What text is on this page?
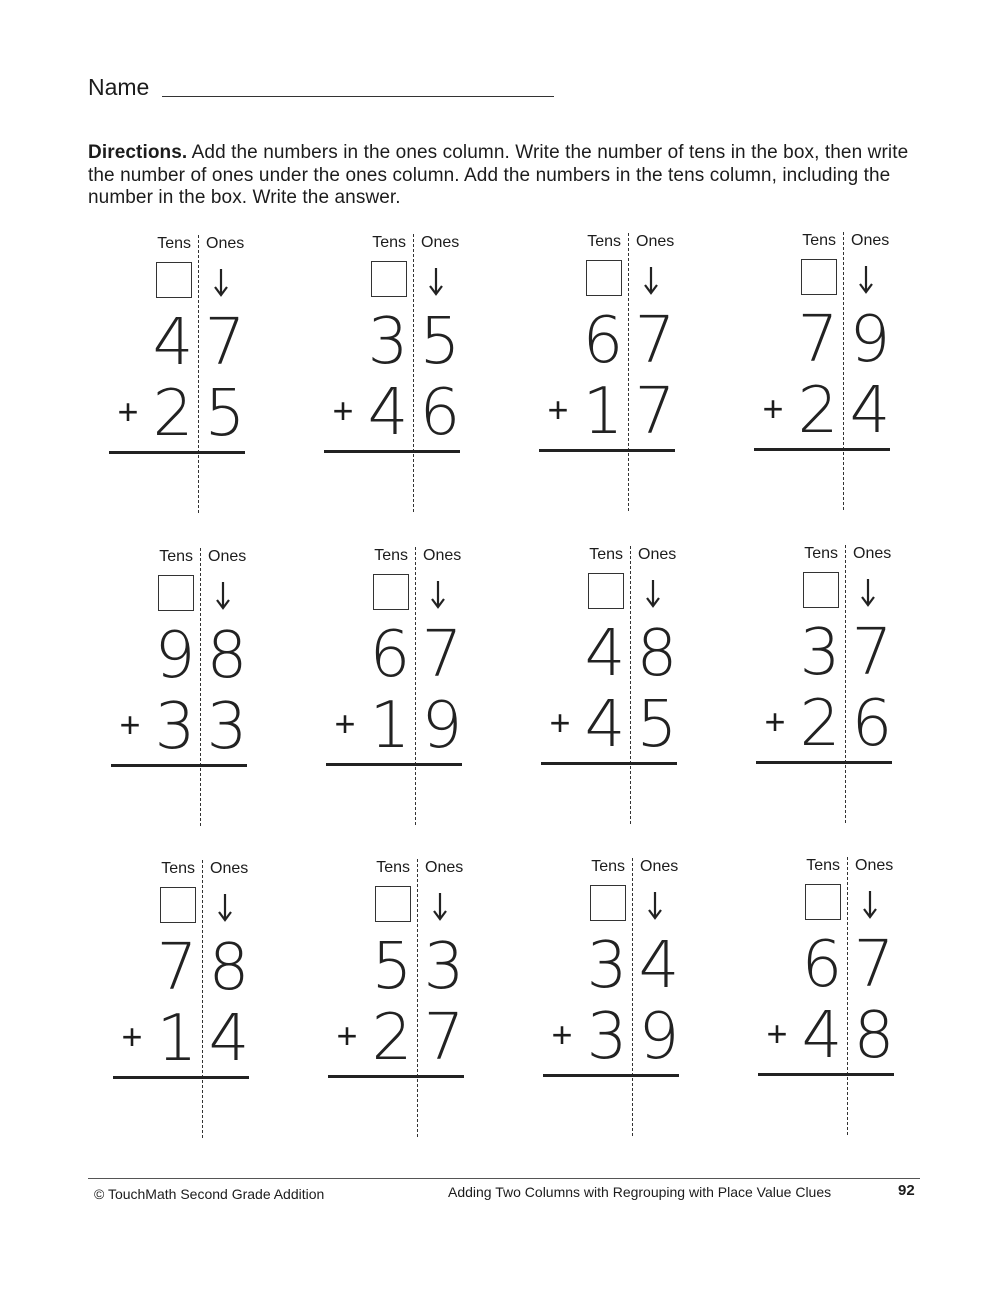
Name
Directions. Add the numbers in the ones column. Write the number of tens in the box, then write the number of ones under the ones column. Add the numbers in the tens column, including the number in the box. Write the answer.
Tens Ones
4 7
+ 2 5
Tens Ones
3 5
+ 4 6
Tens Ones
6 7
+ 1 7
Tens Ones
7 9
+ 2 4
Tens Ones
9 8
+ 3 3
Tens Ones
6 7
+ 1 9
Tens Ones
4 8
+ 4 5
Tens Ones
3 7
+ 2 6
Tens Ones
7 8
+ 1 4
Tens Ones
5 3
+ 2 7
Tens Ones
3 4
+ 3 9
Tens Ones
6 7
+ 4 8
© TouchMath Second Grade Addition	Adding Two Columns with Regrouping with Place Value Clues	92
